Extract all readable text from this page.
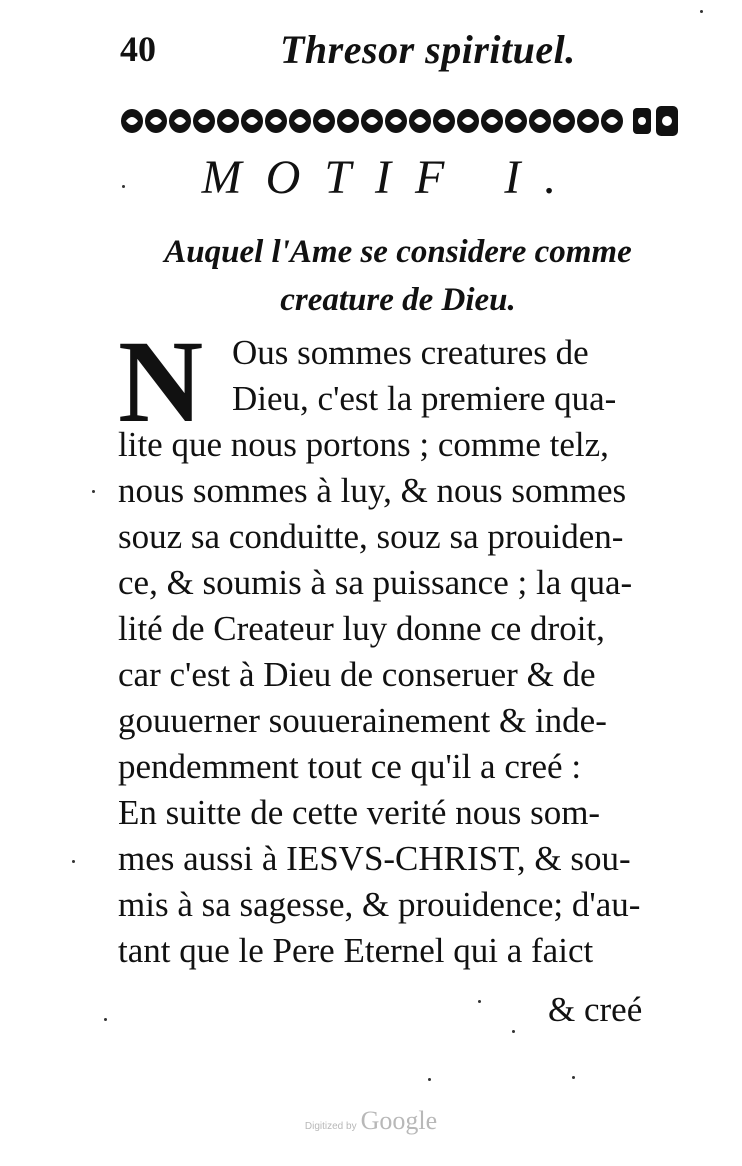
40	Thresor spirituel.
MOTIF I.
Auquel l'Ame se considere comme
creature de Dieu.
N Ous sommes creatures de
Dieu, c'est la premiere qua-
lite que nous portons ; comme telz,
nous sommes à luy, & nous sommes
souz sa conduitte, souz sa prouiden-
ce, & soumis à sa puissance ; la qua-
lité de Createur luy donne ce droit,
car c'est à Dieu de conseruer & de
gouuerner souuerainement & inde-
pendemment tout ce qu'il a creé :
En suitte de cette verité nous som-
mes aussi à IESVS-CHRIST, & sou-
mis à sa sagesse, & prouidence; d'au-
tant que le Pere Eternel qui a faict
& creé
Digitized by Google
